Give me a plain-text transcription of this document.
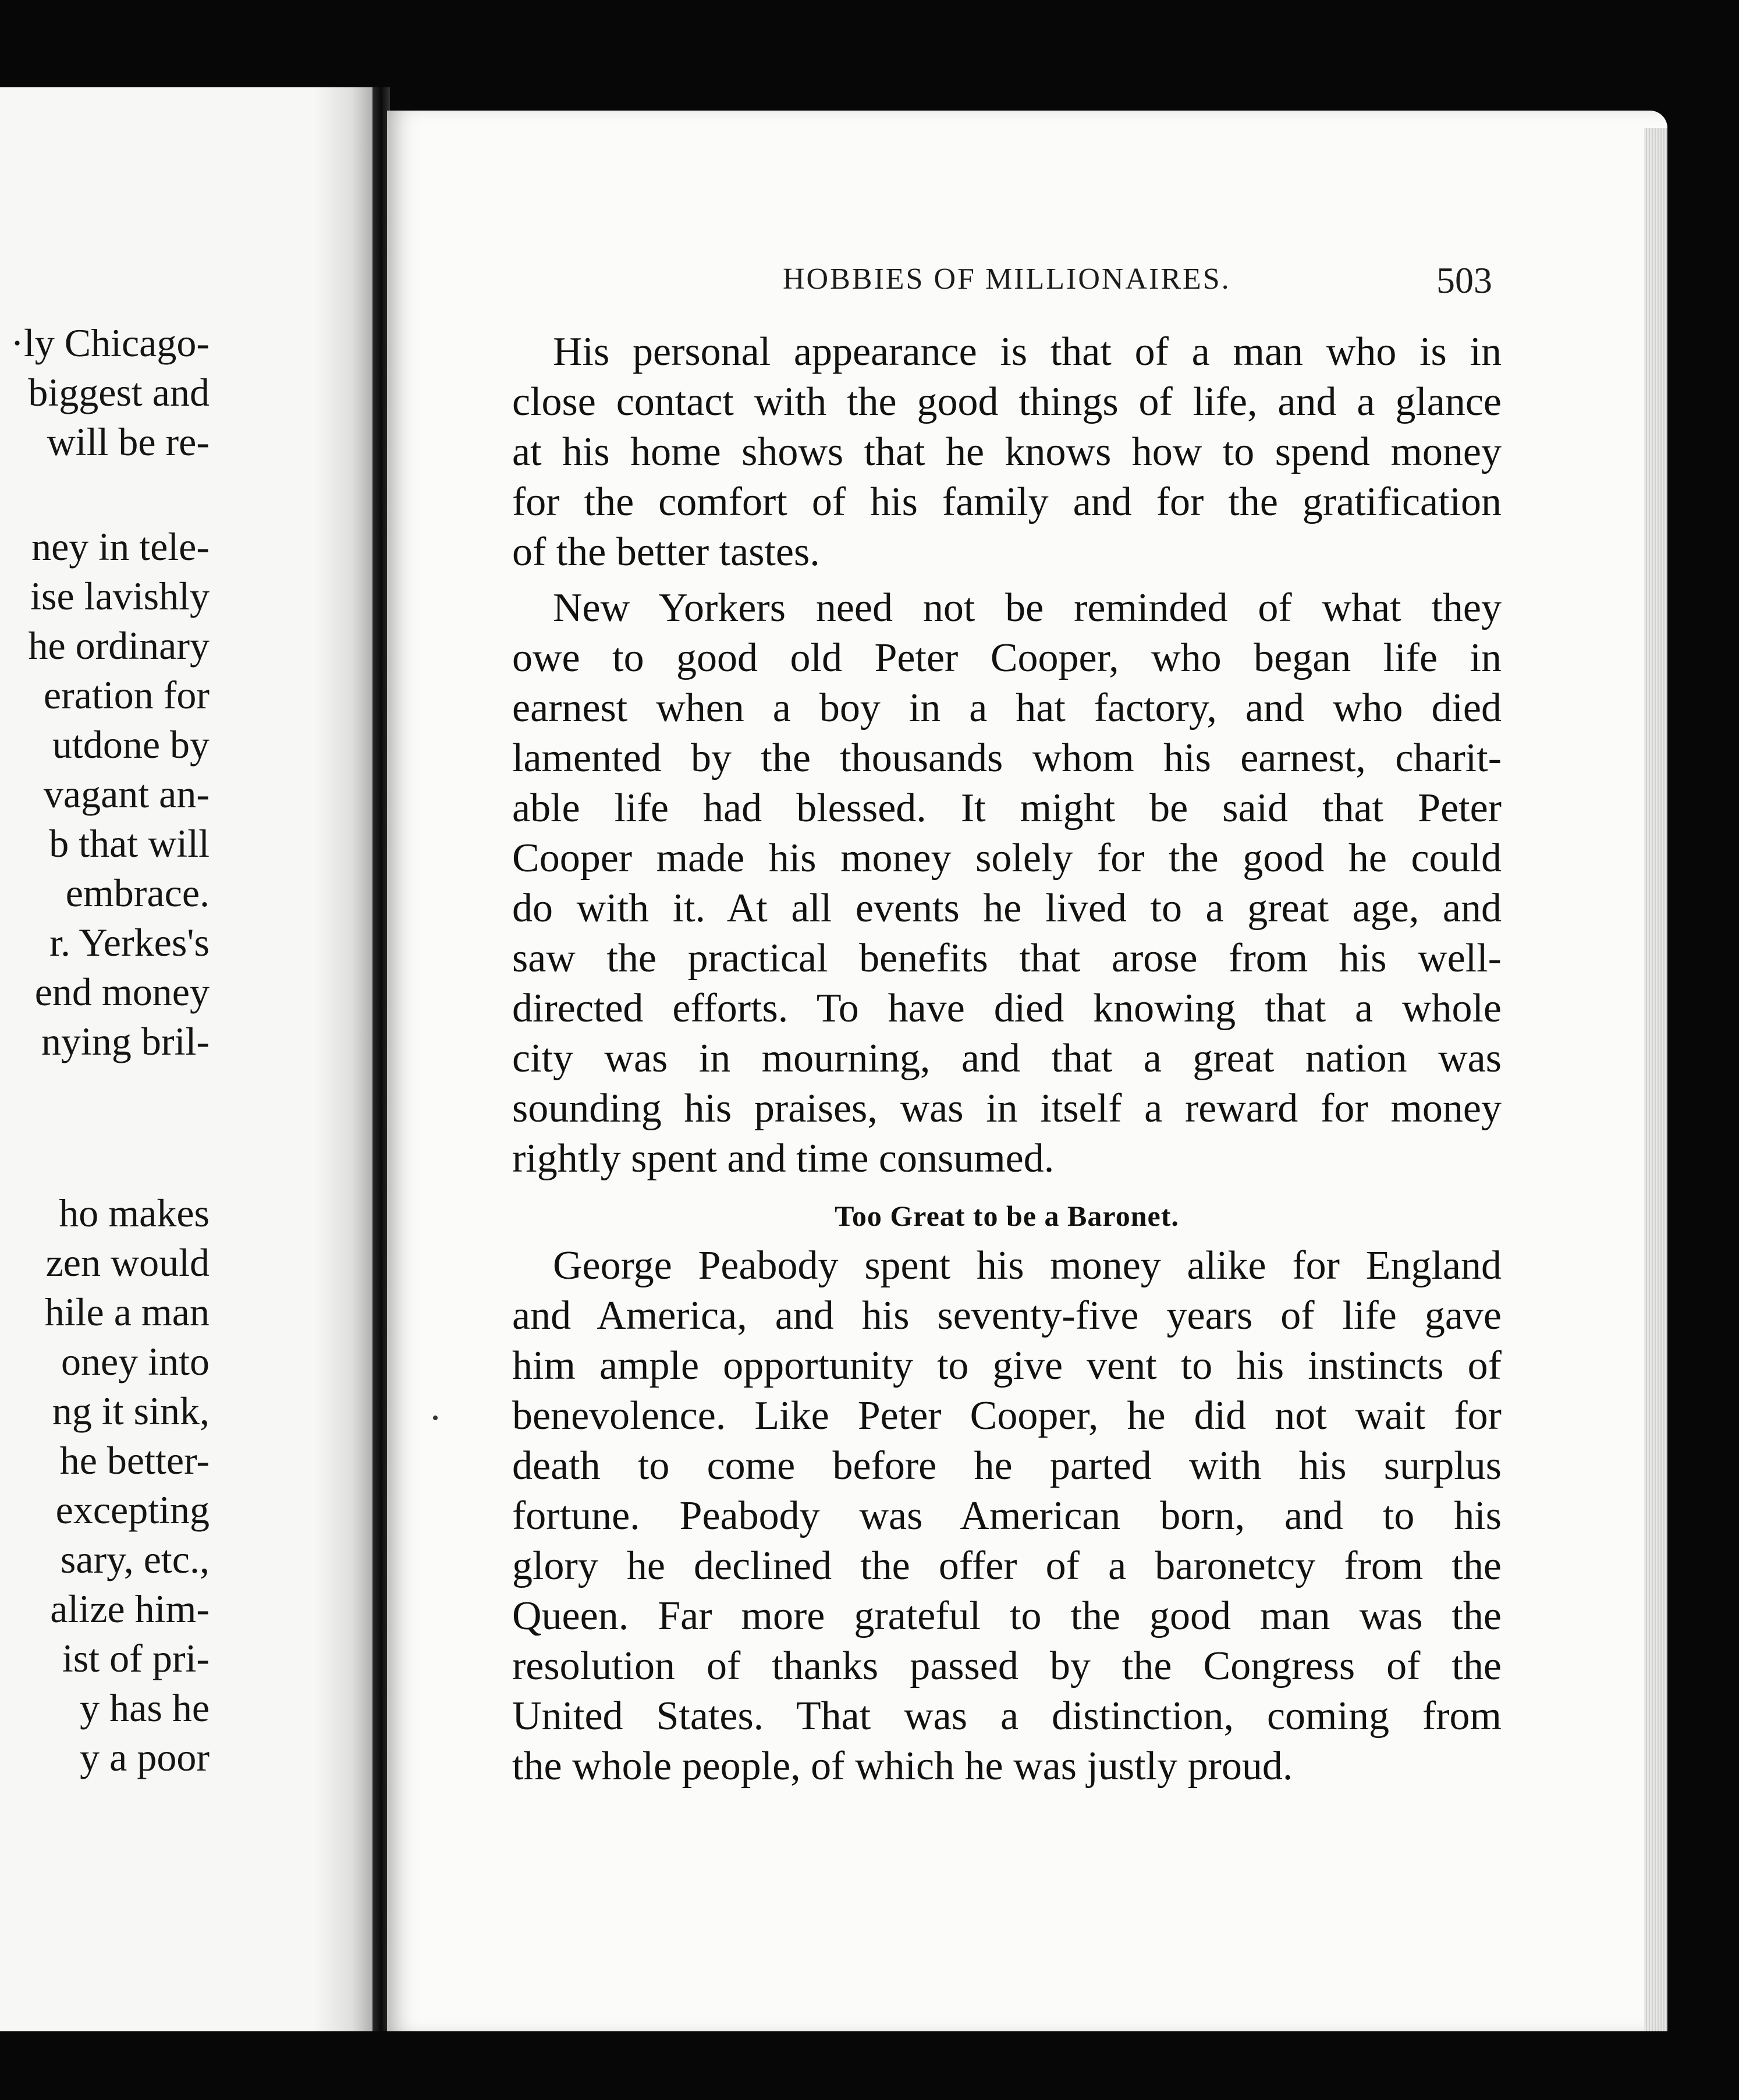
·ly Chicago-
biggest and
will be re-
ney in tele-
ise lavishly
he ordinary
eration for
utdone by
vagant an-
b that will
embrace.
r. Yerkes's
end money
nying bril-
ho makes
zen would
hile a man
oney into
ng it sink,
he better-
excepting
sary, etc.,
alize him-
ist of pri-
y has he
y a poor
HOBBIES OF MILLIONAIRES.	503
His personal appearance is that of a man who is in
close contact with the good things of life, and a glance
at his home shows that he knows how to spend money
for the comfort of his family and for the gratification
of the better tastes.
New Yorkers need not be reminded of what they
owe to good old Peter Cooper, who began life in
earnest when a boy in a hat factory, and who died
lamented by the thousands whom his earnest, charit-
able life had blessed. It might be said that Peter
Cooper made his money solely for the good he could
do with it. At all events he lived to a great age, and
saw the practical benefits that arose from his well-
directed efforts. To have died knowing that a whole
city was in mourning, and that a great nation was
sounding his praises, was in itself a reward for money
rightly spent and time consumed.
Too Great to be a Baronet.
George Peabody spent his money alike for England
and America, and his seventy-five years of life gave
him ample opportunity to give vent to his instincts of
benevolence. Like Peter Cooper, he did not wait for
death to come before he parted with his surplus
fortune. Peabody was American born, and to his
glory he declined the offer of a baronetcy from the
Queen. Far more grateful to the good man was the
resolution of thanks passed by the Congress of the
United States. That was a distinction, coming from
the whole people, of which he was justly proud.
